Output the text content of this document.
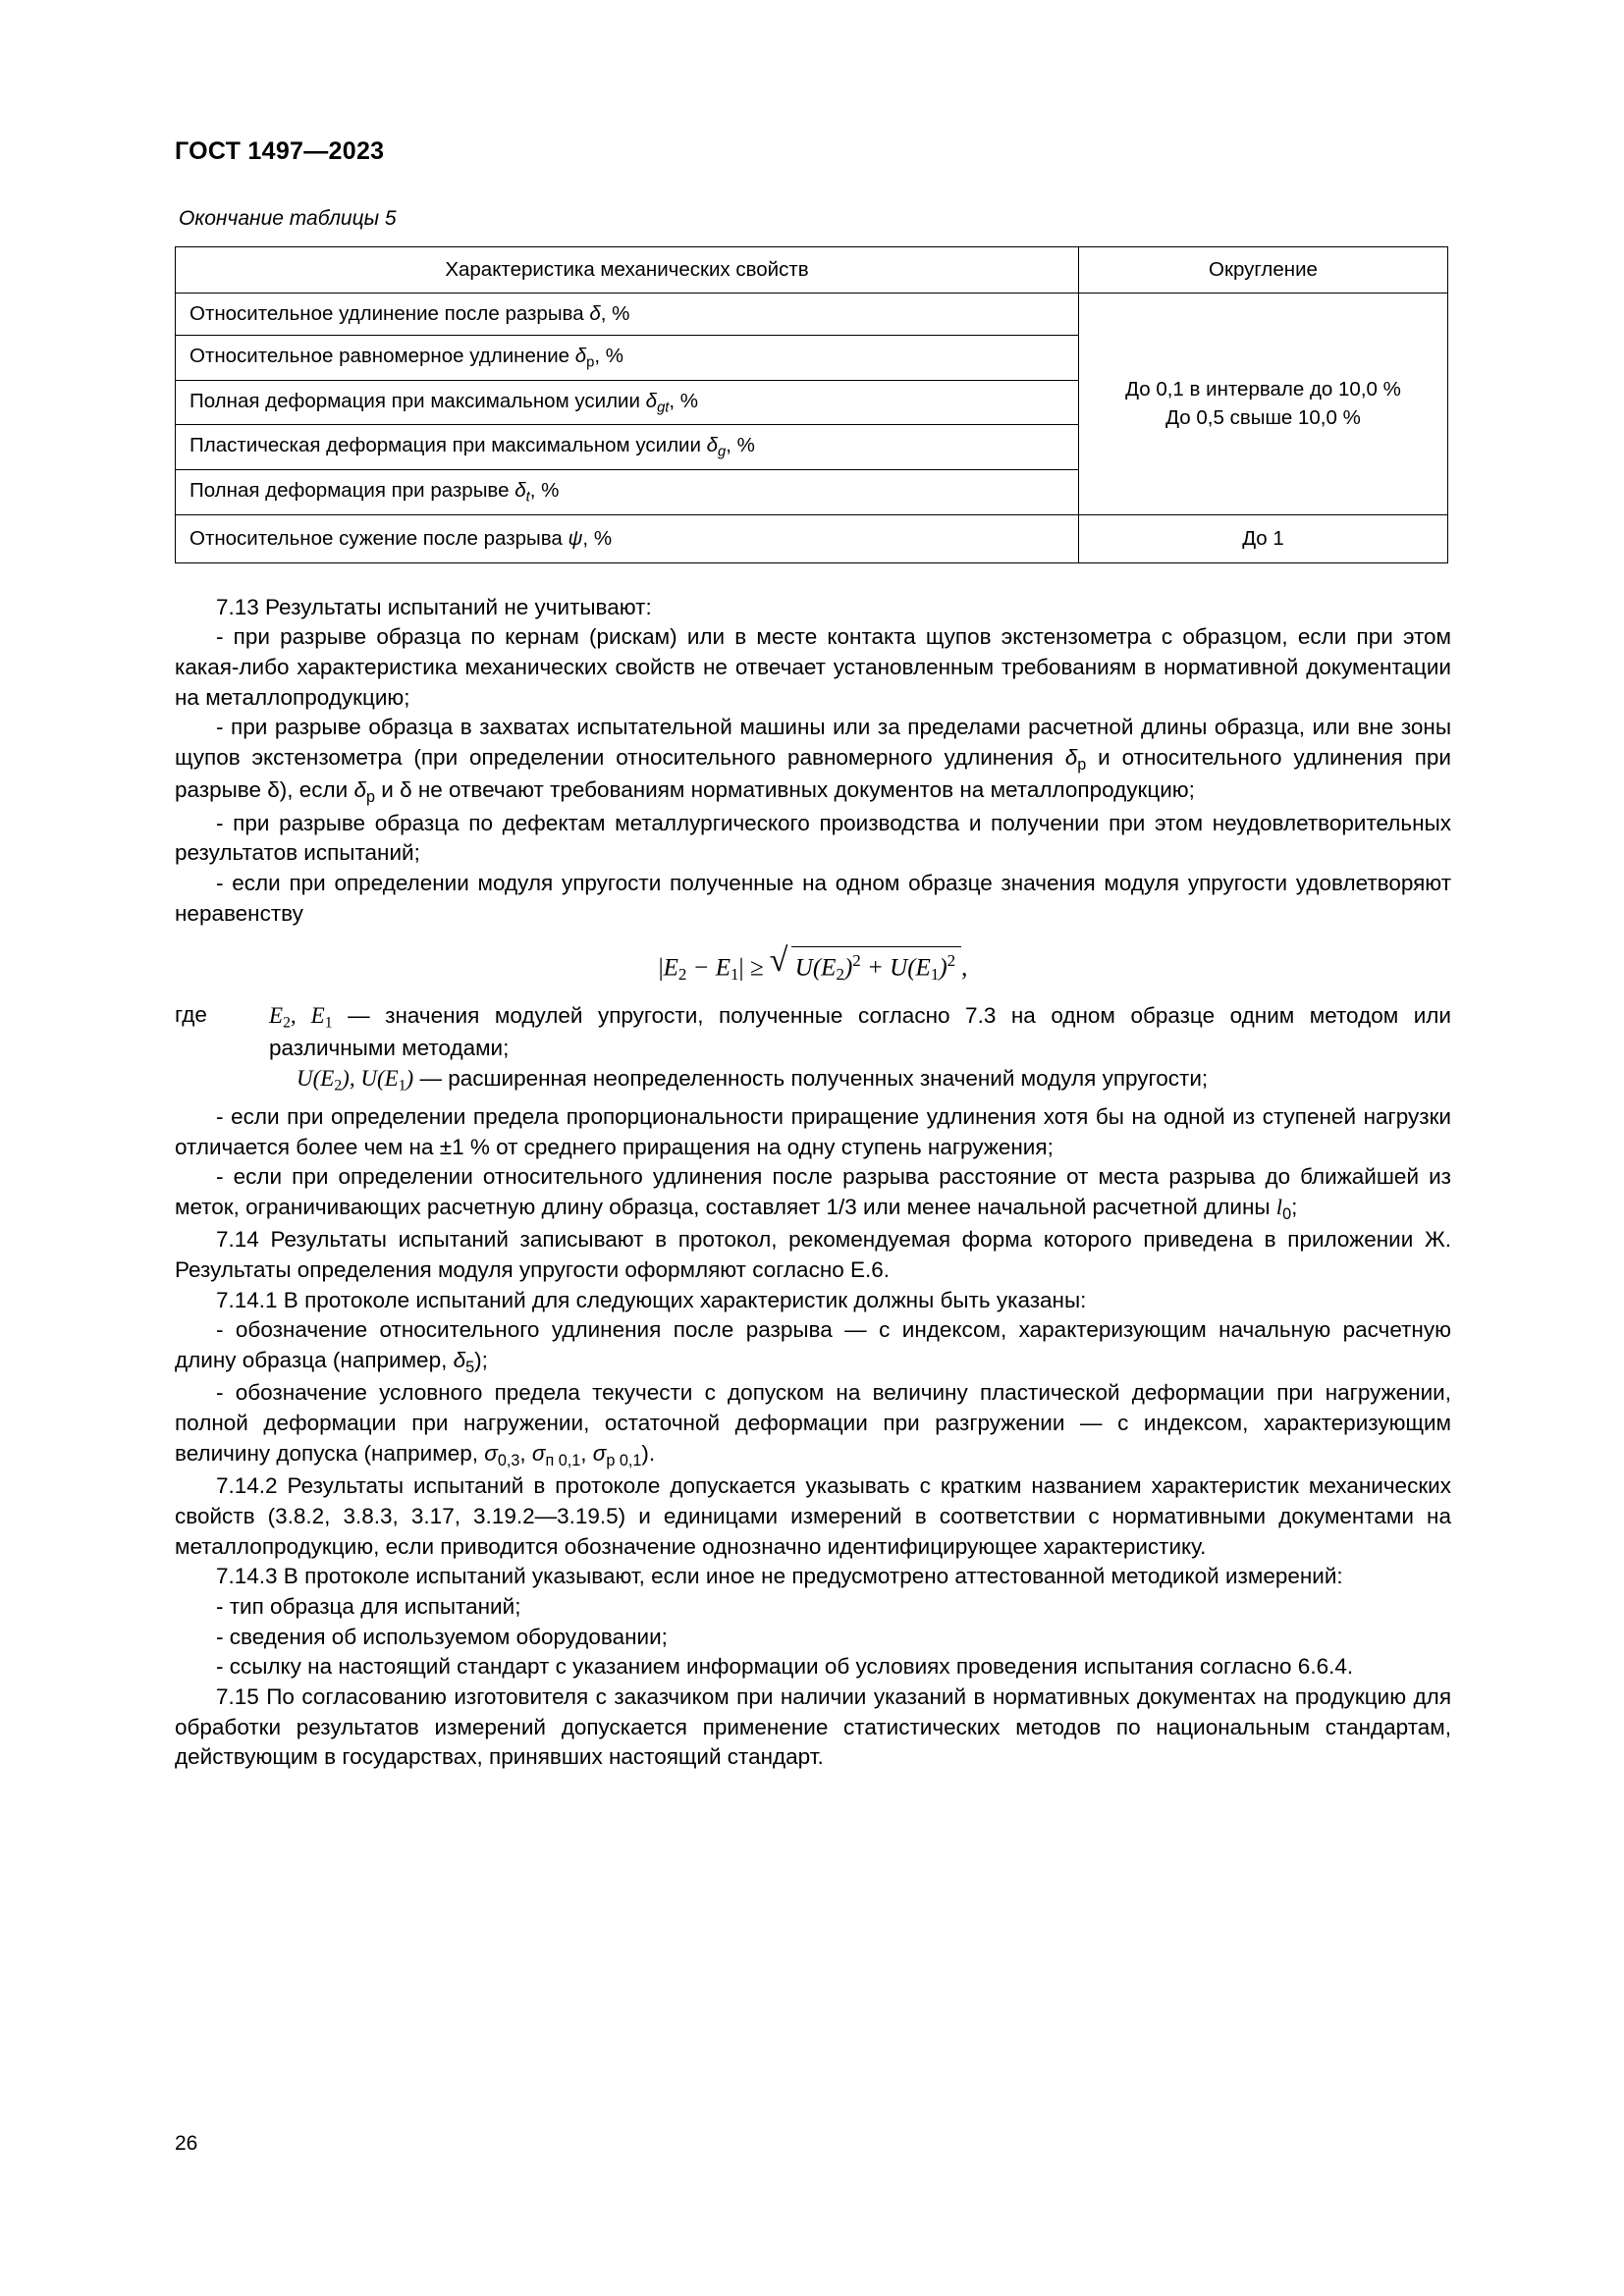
ГОСТ 1497—2023
Окончание таблицы 5
Характеристика механических свойств	Округление
Относительное удлинение после разрыва δ, %	До 0,1 в интервале до 10,0 %
До 0,5 свыше 10,0 %
Относительное равномерное удлинение $\delta_р$, %	
Полная деформация при максимальном усилии $\delta_{gt}$, %	
Пластическая деформация при максимальном усилии $\delta_g$, %	
Полная деформация при разрыве $\delta_t$, %	
Относительное сужение после разрыва ψ, %	До 1

7.13 Результаты испытаний не учитывают:

- при разрыве образца по кернам (рискам) или в месте контакта щупов экстензометра с образцом, если при этом какая-либо характеристика механических свойств не отвечает установленным требованиям в нормативной документации на металлопродукцию;

- при разрыве образца в захватах испытательной машины или за пределами расчетной длины образца, или вне зоны щупов экстензометра (при определении относительного равномерного удлинения $\delta_р$ и относительного удлинения при разрыве δ), если $\delta_р$ и δ не отвечают требованиям нормативных документов на металлопродукцию;

- при разрыве образца по дефектам металлургического производства и получении при этом неудовлетворительных результатов испытаний;

- если при определении модуля упругости полученные на одном образце значения модуля упругости удовлетворяют неравенству

|E2 − E1| ≥ √ $U(E2)^2 + U(E1)^2$ ,
где	E2, E1 — значения модулей упругости, полученные согласно 7.3 на одном образце одним методом или различными методами;

U(E2), U(E1) — расширенная неопределенность полученных значений модуля упругости;

- если при определении предела пропорциональности приращение удлинения хотя бы на одной из ступеней нагрузки отличается более чем на ±1 % от среднего приращения на одну ступень нагружения;

- если при определении относительного удлинения после разрыва расстояние от места разрыва до ближайшей из меток, ограничивающих расчетную длину образца, составляет 1/3 или менее начальной расчетной длины $l_0$;

7.14 Результаты испытаний записывают в протокол, рекомендуемая форма которого приведена в приложении Ж. Результаты определения модуля упругости оформляют согласно Е.6.

7.14.1 В протоколе испытаний для следующих характеристик должны быть указаны:

- обозначение относительного удлинения после разрыва — с индексом, характеризующим начальную расчетную длину образца (например, $\delta_5$);

- обозначение условного предела текучести с допуском на величину пластической деформации при нагружении, полной деформации при нагружении, остаточной деформации при разгружении — с индексом, характеризующим величину допуска (например, $\sigma_{0,3}$, $\sigma_{п 0,1}$, $\sigma_{р 0,1}$).

7.14.2 Результаты испытаний в протоколе допускается указывать с кратким названием характеристик механических свойств (3.8.2, 3.8.3, 3.17, 3.19.2—3.19.5) и единицами измерений в соответствии с нормативными документами на металлопродукцию, если приводится обозначение однозначно идентифицирующее характеристику.

7.14.3 В протоколе испытаний указывают, если иное не предусмотрено аттестованной методикой измерений:

- тип образца для испытаний;

- сведения об используемом оборудовании;

- ссылку на настоящий стандарт с указанием информации об условиях проведения испытания согласно 6.6.4.

7.15 По согласованию изготовителя с заказчиком при наличии указаний в нормативных документах на продукцию для обработки результатов измерений допускается применение статистических методов по национальным стандартам, действующим в государствах, принявших настоящий стандарт.

26
